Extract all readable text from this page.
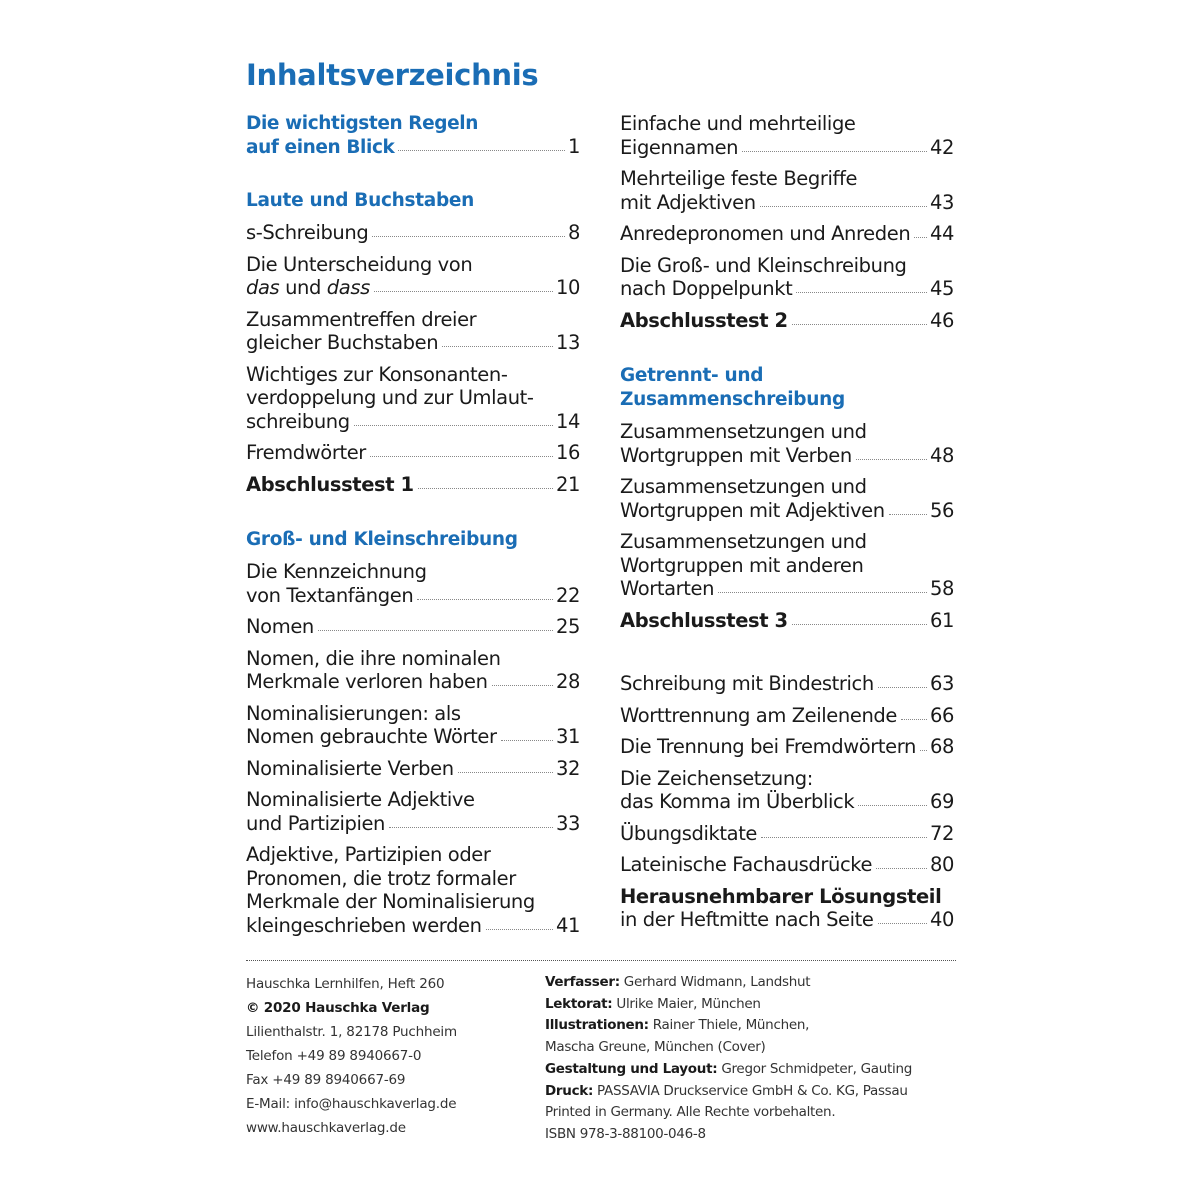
Inhaltsverzeichnis
Die wichtigsten Regeln
auf einen Blick	1
Laute und Buchstaben
s-Schreibung	8
Die Unterscheidung von
das und dass	10
Zusammentreffen dreier
gleicher Buchstaben	13
Wichtiges zur Konsonanten-
verdoppelung und zur Umlaut-
schreibung	14
Fremdwörter	16
Abschlusstest 1	21
Groß- und Kleinschreibung
Die Kennzeichnung
von Textanfängen	22
Nomen	25
Nomen, die ihre nominalen
Merkmale verloren haben	28
Nominalisierungen: als
Nomen gebrauchte Wörter	31
Nominalisierte Verben	32
Nominalisierte Adjektive
und Partizipien	33
Adjektive, Partizipien oder
Pronomen, die trotz formaler
Merkmale der Nominalisierung
kleingeschrieben werden	41
Einfache und mehrteilige
Eigennamen	42
Mehrteilige feste Begriffe
mit Adjektiven	43
Anredepronomen und Anreden 44
Die Groß- und Kleinschreibung
nach Doppelpunkt	45
Abschlusstest 2	46
Getrennt- und
Zusammenschreibung
Zusammensetzungen und
Wortgruppen mit Verben	48
Zusammensetzungen und
Wortgruppen mit Adjektiven 56
Zusammensetzungen und
Wortgruppen mit anderen
Wortarten	58
Abschlusstest 3	61
Schreibung mit Bindestrich	63
Worttrennung am Zeilenende 66
Die Trennung bei Fremdwörtern 68
Die Zeichensetzung:
das Komma im Überblick	69
Übungsdiktate	72
Lateinische Fachausdrücke	80
Herausnehmbarer Lösungsteil
in der Heftmitte nach Seite	40
Hauschka Lernhilfen, Heft 260
© 2020 Hauschka Verlag
Lilienthalstr. 1, 82178 Puchheim
Telefon +49 89 8940667-0
Fax +49 89 8940667-69
E-Mail: info@hauschkaverlag.de
www.hauschkaverlag.de
Verfasser: Gerhard Widmann, Landshut
Lektorat: Ulrike Maier, München
Illustrationen: Rainer Thiele, München,
Mascha Greune, München (Cover)
Gestaltung und Layout: Gregor Schmidpeter, Gauting
Druck: PASSAVIA Druckservice GmbH & Co. KG, Passau
Printed in Germany. Alle Rechte vorbehalten.
ISBN 978-3-88100-046-8
